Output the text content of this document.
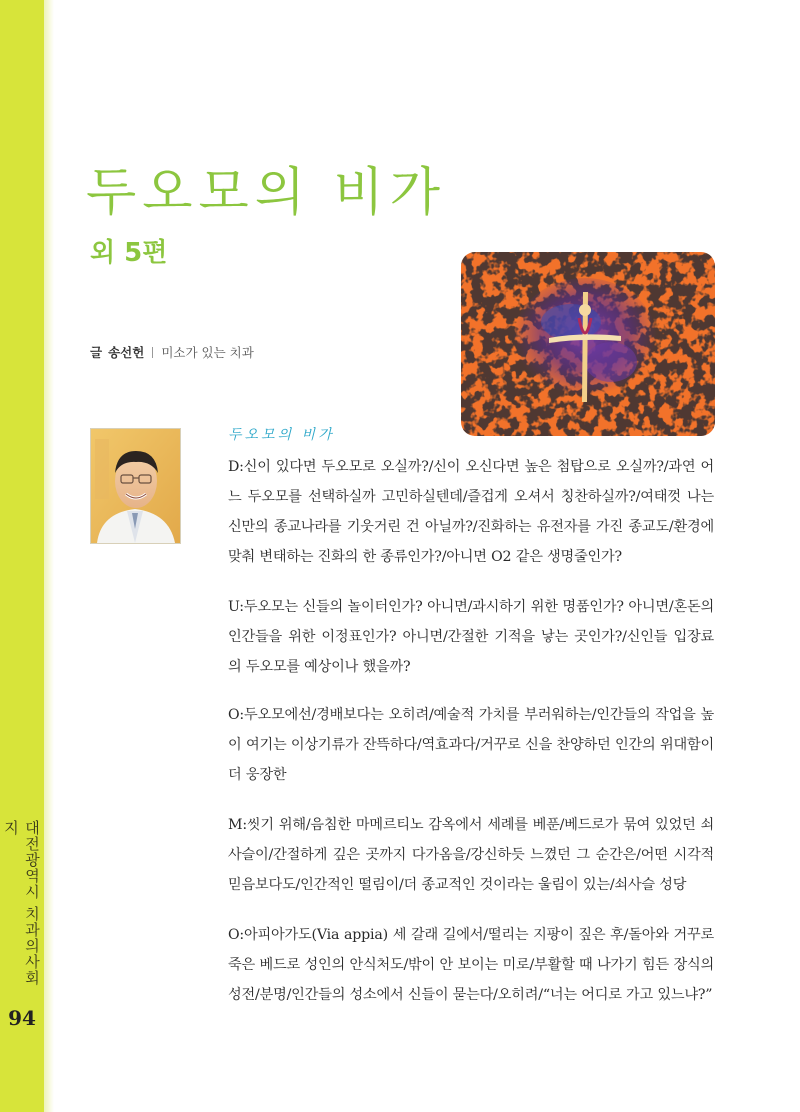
대전광역시 치과의사회지
94
두오모의 비가
외 5편
글 송선헌 미소가 있는 치과
두오모의 비가

D:신이 있다면 두오모로 오실까?/신이 오신다면 높은 첨탑으로 오실까?/과연 어느 두오모를 선택하실까 고민하실텐데/즐겁게 오셔서 칭찬하실까?/여태껏 나는 신만의 종교나라를 기웃거린 건 아닐까?/진화하는 유전자를 가진 종교도/환경에 맞춰 변태하는 진화의 한 종류인가?/아니면 O2 같은 생명줄인가?

U:두오모는 신들의 놀이터인가? 아니면/과시하기 위한 명품인가? 아니면/혼돈의 인간들을 위한 이정표인가? 아니면/간절한 기적을 낳는 곳인가?/신인들 입장료의 두오모를 예상이나 했을까?

O:두오모에선/경배보다는 오히려/예술적 가치를 부러워하는/인간들의 작업을 높이 여기는 이상기류가 잔뜩하다/역효과다/거꾸로 신을 찬양하던 인간의 위대함이 더 웅장한

M:씻기 위해/음침한 마메르티노 감옥에서 세례를 베푼/베드로가 묶여 있었던 쇠사슬이/간절하게 깊은 곳까지 다가옴을/강신하듯 느꼈던 그 순간은/어떤 시각적 믿음보다도/인간적인 떨림이/더 종교적인 것이라는 울림이 있는/쇠사슬 성당

O:아피아가도(Via appia) 세 갈래 길에서/떨리는 지팡이 짚은 후/돌아와 거꾸로 죽은 베드로 성인의 안식처도/밖이 안 보이는 미로/부활할 때 나가기 힘든 장식의 성전/분명/인간들의 성소에서 신들이 묻는다/오히려/“너는 어디로 가고 있느냐?”
